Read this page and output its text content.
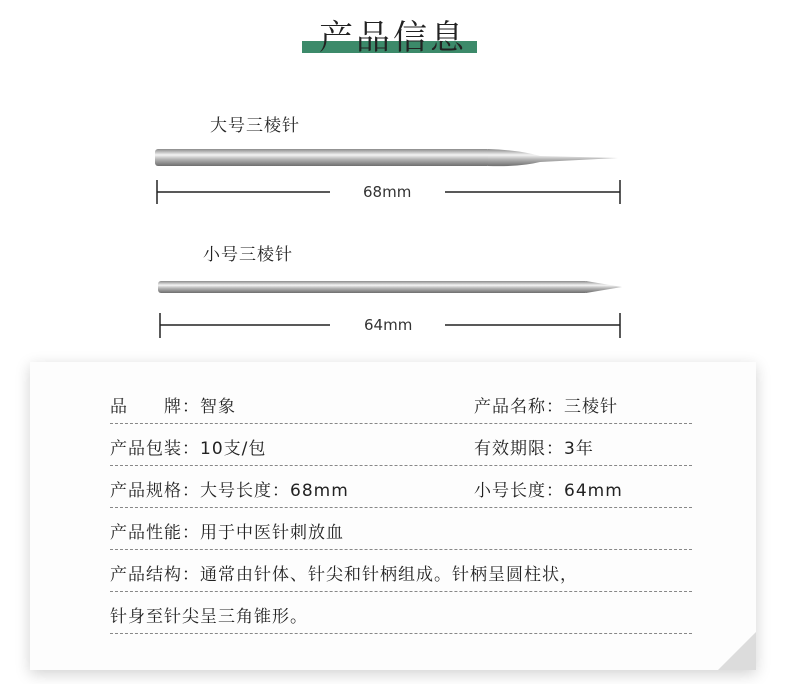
产品信息
大号三棱针
68mm
小号三棱针
64mm
品　　牌：智象	产品名称：三棱针
产品包装：10支/包	有效期限：3年
产品规格：大号长度：68mm	小号长度：64mm
产品性能：用于中医针刺放血
产品结构：通常由针体、针尖和针柄组成。针柄呈圆柱状，
针身至针尖呈三角锥形。
